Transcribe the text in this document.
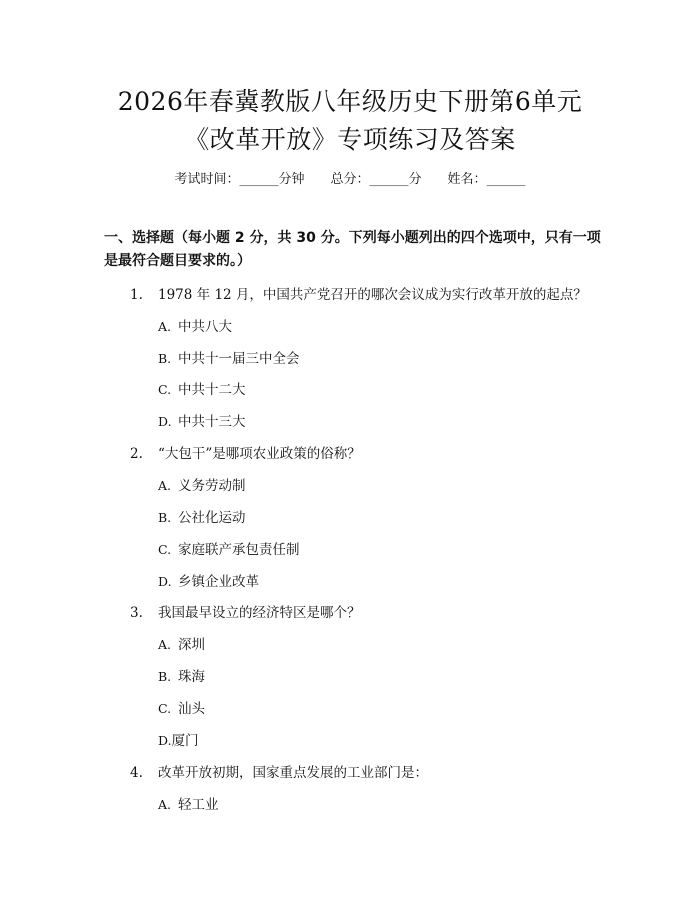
2026年春冀教版八年级历史下册第6单元
《改革开放》专项练习及答案
考试时间：______分钟 总分：______分 姓名：______
一、选择题（每小题 2 分，共 30 分。下列每小题列出的四个选项中，只有一项是最符合题目要求的。）
1. 1978 年 12 月，中国共产党召开的哪次会议成为实行改革开放的起点？
A. 中共八大
B. 中共十一届三中全会
C. 中共十二大
D. 中共十三大
2. “大包干”是哪项农业政策的俗称？
A. 义务劳动制
B. 公社化运动
C. 家庭联产承包责任制
D. 乡镇企业改革
3. 我国最早设立的经济特区是哪个？
A. 深圳
B. 珠海
C. 汕头
D.厦门
4. 改革开放初期，国家重点发展的工业部门是：
A. 轻工业
